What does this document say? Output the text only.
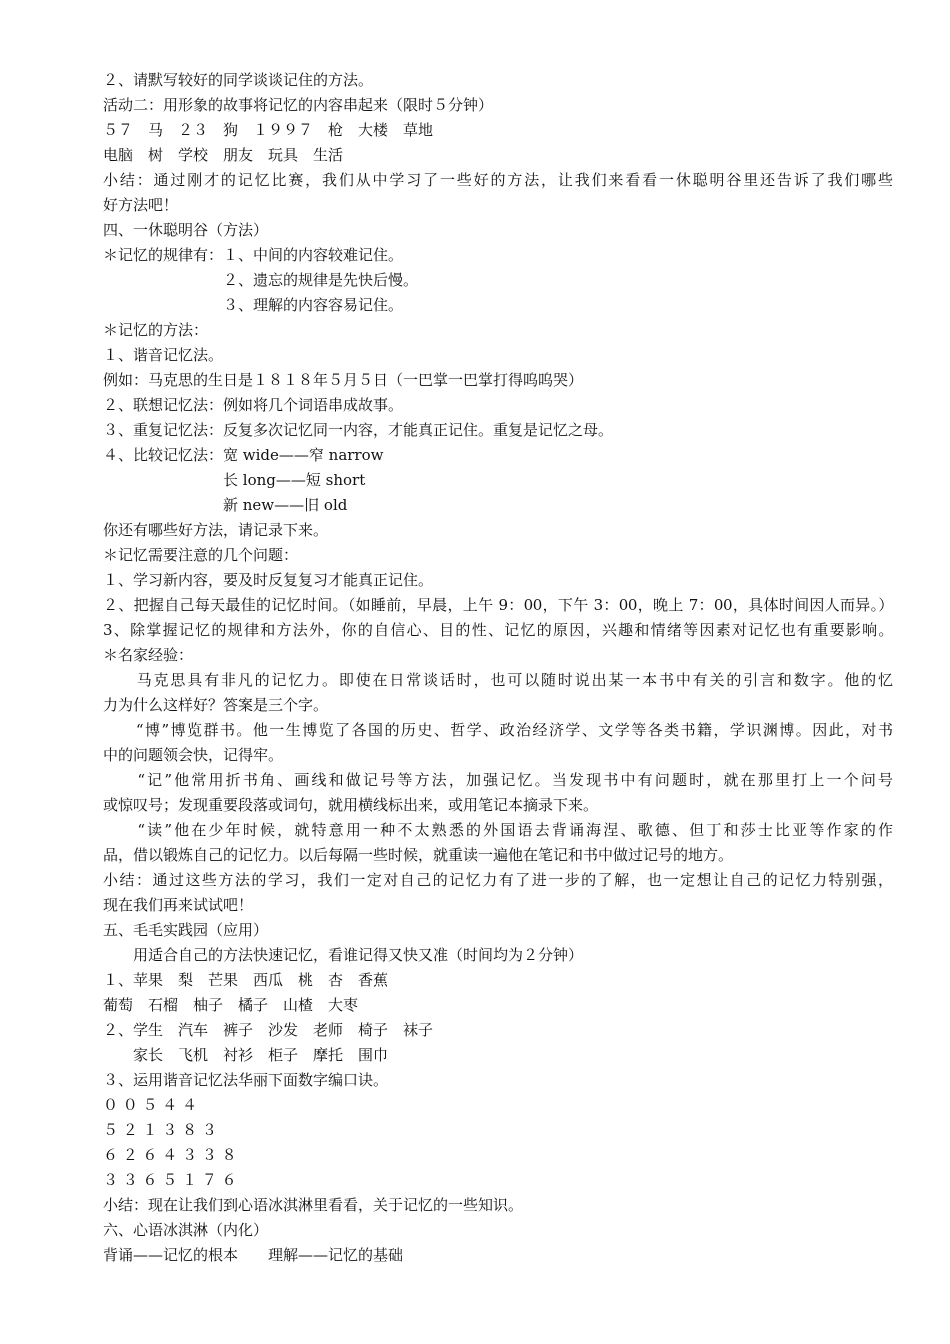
２、请默写较好的同学谈谈记住的方法。
活动二：用形象的故事将记忆的内容串起来（限时５分钟）
５７　马　２３　狗　１９９７　枪　大楼　草地
电脑　树　学校　朋友　玩具　生活
小结：通过刚才的记忆比赛，我们从中学习了一些好的方法，让我们来看看一休聪明谷里还告诉了我们哪些
好方法吧！
四、一休聪明谷（方法）
＊记忆的规律有：１、中间的内容较难记住。
　　　　　　　　２、遗忘的规律是先快后慢。
　　　　　　　　３、理解的内容容易记住。
＊记忆的方法：
１、谐音记忆法。
例如：马克思的生日是１８１８年５月５日（一巴掌一巴掌打得呜呜哭）
２、联想记忆法：例如将几个词语串成故事。
３、重复记忆法：反复多次记忆同一内容，才能真正记住。重复是记忆之母。
４、比较记忆法：宽 wide——窄 narrow
　　　　　　　　长 long——短 short
　　　　　　　　新 new——旧 old
你还有哪些好方法，请记录下来。
＊记忆需要注意的几个问题：
１、学习新内容，要及时反复复习才能真正记住。
２、把握自己每天最佳的记忆时间。（如睡前，早晨，上午 9：00，下午 3：00，晚上 7：00，具体时间因人而异。）
3、除掌握记忆的规律和方法外，你的自信心、目的性、记忆的原因，兴趣和情绪等因素对记忆也有重要影响。
＊名家经验：
　　马克思具有非凡的记忆力。即使在日常谈话时，也可以随时说出某一本书中有关的引言和数字。他的忆
力为什么这样好？答案是三个字。
　　“博”博览群书。他一生博览了各国的历史、哲学、政治经济学、文学等各类书籍，学识渊博。因此，对书
中的问题领会快，记得牢。
　　“记”他常用折书角、画线和做记号等方法，加强记忆。当发现书中有问题时，就在那里打上一个问号
或惊叹号；发现重要段落或词句，就用横线标出来，或用笔记本摘录下来。
　　“读”他在少年时候，就特意用一种不太熟悉的外国语去背诵海涅、歌德、但丁和莎士比亚等作家的作
品，借以锻炼自己的记忆力。以后每隔一些时候，就重读一遍他在笔记和书中做过记号的地方。
小结：通过这些方法的学习，我们一定对自己的记忆力有了进一步的了解，也一定想让自己的记忆力特别强，
现在我们再来试试吧！
五、毛毛实践园（应用）
　　用适合自己的方法快速记忆，看谁记得又快又准（时间均为２分钟）
１、苹果　梨　芒果　西瓜　桃　杏　香蕉
葡萄　石榴　柚子　橘子　山楂　大枣
２、学生　汽车　裤子　沙发　老师　椅子　袜子
　　家长　飞机　衬衫　柜子　摩托　围巾
３、运用谐音记忆法华丽下面数字编口诀。
０ ０ ５ ４ ４
５ ２ １ ３ ８ ３
６ ２ ６ ４ ３ ３ ８
３ ３ ６ ５ １ ７ ６
小结：现在让我们到心语冰淇淋里看看，关于记忆的一些知识。
六、心语冰淇淋（内化）
背诵——记忆的根本　　理解——记忆的基础
